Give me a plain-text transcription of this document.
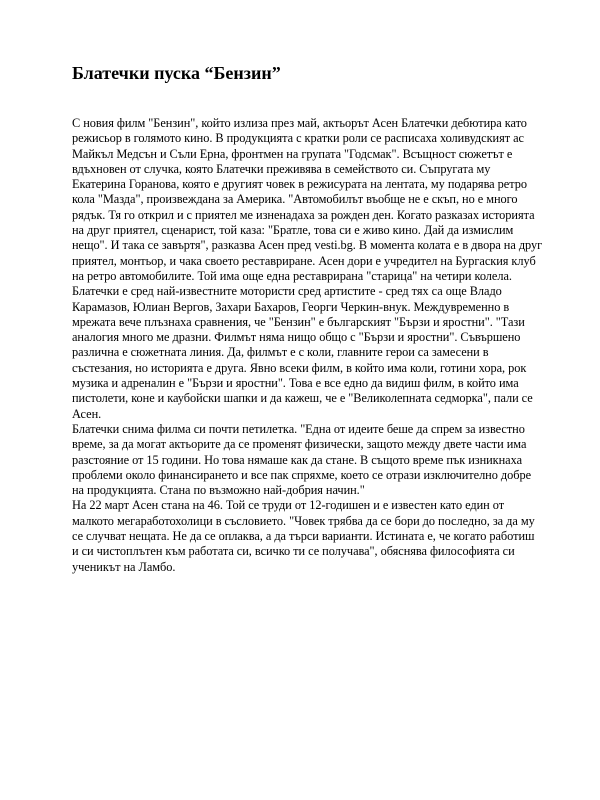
Блатечки пуска “Бензин”

С новия филм "Бензин", който излиза през май, актьорът Асен Блатечки дебютира като режисьор в голямото кино. В продукцията с кратки роли се расписаха холивудският ас Майкъл Медсън и Съли Ерна, фронтмен на групата "Годсмак". Всъщност сюжетът е вдъхновен от случка, която Блатечки преживява в семейството си. Съпругата му Екатерина Горанова, която е другият човек в режисурата на лентата, му подарява ретро кола "Мазда", произвеждана за Америка. "Автомобилът въобще не е скъп, но е много рядък. Тя го открил и с приятел ме изненадахa за рожден ден. Когато разказах историята на друг приятел, сценарист, той каза: "Братле, това си е живо кино. Дай да измислим нещо". И така се завъртя", разказва Асен пред vesti.bg. В момента колата е в двора на друг приятел, монтьор, и чака своето реставриране. Асен дори е учредител на Бургаския клуб на ретро автомобилите. Той има още една реставрирана "старица" на четири колела. Блатечки е сред най-известните мотористи сред артистите - сред тях са още Владо Карамазов, Юлиан Вергов, Захари Бахаров, Георги Черкин-внук. Междувременно в мрежата вече плъзнаха сравнения, че "Бензин" е българският "Бързи и яростни". "Тази аналогия много ме дразни. Филмът няма нищо общо с "Бързи и яростни". Съвършено различна е сюжетната линия. Да, филмът е с коли, главните герои са замесени в състезания, но историята е друга. Явно всеки филм, в който има коли, готини хора, рок музика и адреналин е "Бързи и яростни". Това е все едно да видиш филм, в който има пистолети, коне и каубойски шапки и да кажеш, че е "Великолепната седморка", пали се Асен.

Блатечки снима филма си почти петилетка. "Една от идеите беше да спрем за известно време, за да могат актьорите да се променят физически, защото между двете части има разстояние от 15 години. Но това нямаше как да стане. В същото време пък изникнаха проблеми около финансирането и все пак спряхме, което се отрази изключително добре на продукцията. Стана по възможно най-добрия начин."

На 22 март Асен стана на 46. Той се труди от 12-годишен и е известен като един от малкото мегаработохолици в съсловието. "Човек трябва да се бори до последно, за да му се случват нещата. Не да се оплаква, а да търси варианти. Истината е, че когато работиш и си чистоплътен към работата си, всичко ти се получава", обяснява философията си ученикът на Ламбо.
